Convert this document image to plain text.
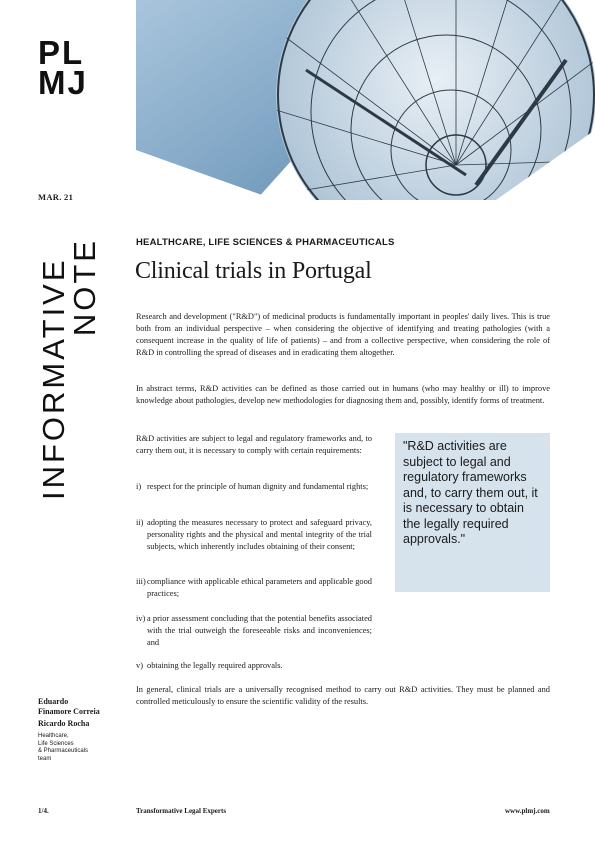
PL
MJ
MAR. 21
INFORMATIVE
NOTE	HEALTHCARE, LIFE SCIENCES & PHARMACEUTICALS
Clinical trials in Portugal

Research and development ("R&D") of medicinal products is fundamentally important in peoples' daily lives. This is true both from an individual perspective – when considering the objective of identifying and treating pathologies (with a consequent increase in the quality of life of patients) – and from a collective perspective, when considering the role of R&D in controlling the spread of diseases and in eradicating them altogether.

In abstract terms, R&D activities can be defined as those carried out in humans (who may healthy or ill) to improve knowledge about pathologies, develop new methodologies for diagnosing them and, possibly, identify forms of treatment.

R&D activities are subject to legal and regulatory frameworks and, to carry them out, it is necessary to comply with certain requirements:

i) respect for the principle of human dignity and fundamental rights;
ii) adopting the measures necessary to protect and safeguard privacy, personality rights and the physical and mental integrity of the trial subjects, which inherently includes obtaining of their consent;
iii) compliance with applicable ethical parameters and applicable good practices;
iv) a prior assessment concluding that the potential benefits associated with the trial outweigh the foreseeable risks and inconveniences; and
v) obtaining the legally required approvals.
"R&D activities are subject to legal and regulatory frameworks and, to carry them out, it is necessary to obtain the legally required approvals."

In general, clinical trials are a universally recognised method to carry out R&D activities. They must be planned and controlled meticulously to ensure the scientific validity of the results.

Eduardo
Finamore Correia
Ricardo Rocha
Healthcare,
Life Sciences
& Pharmaceuticals
team
1/4.	Transformative Legal Experts	www.plmj.com
